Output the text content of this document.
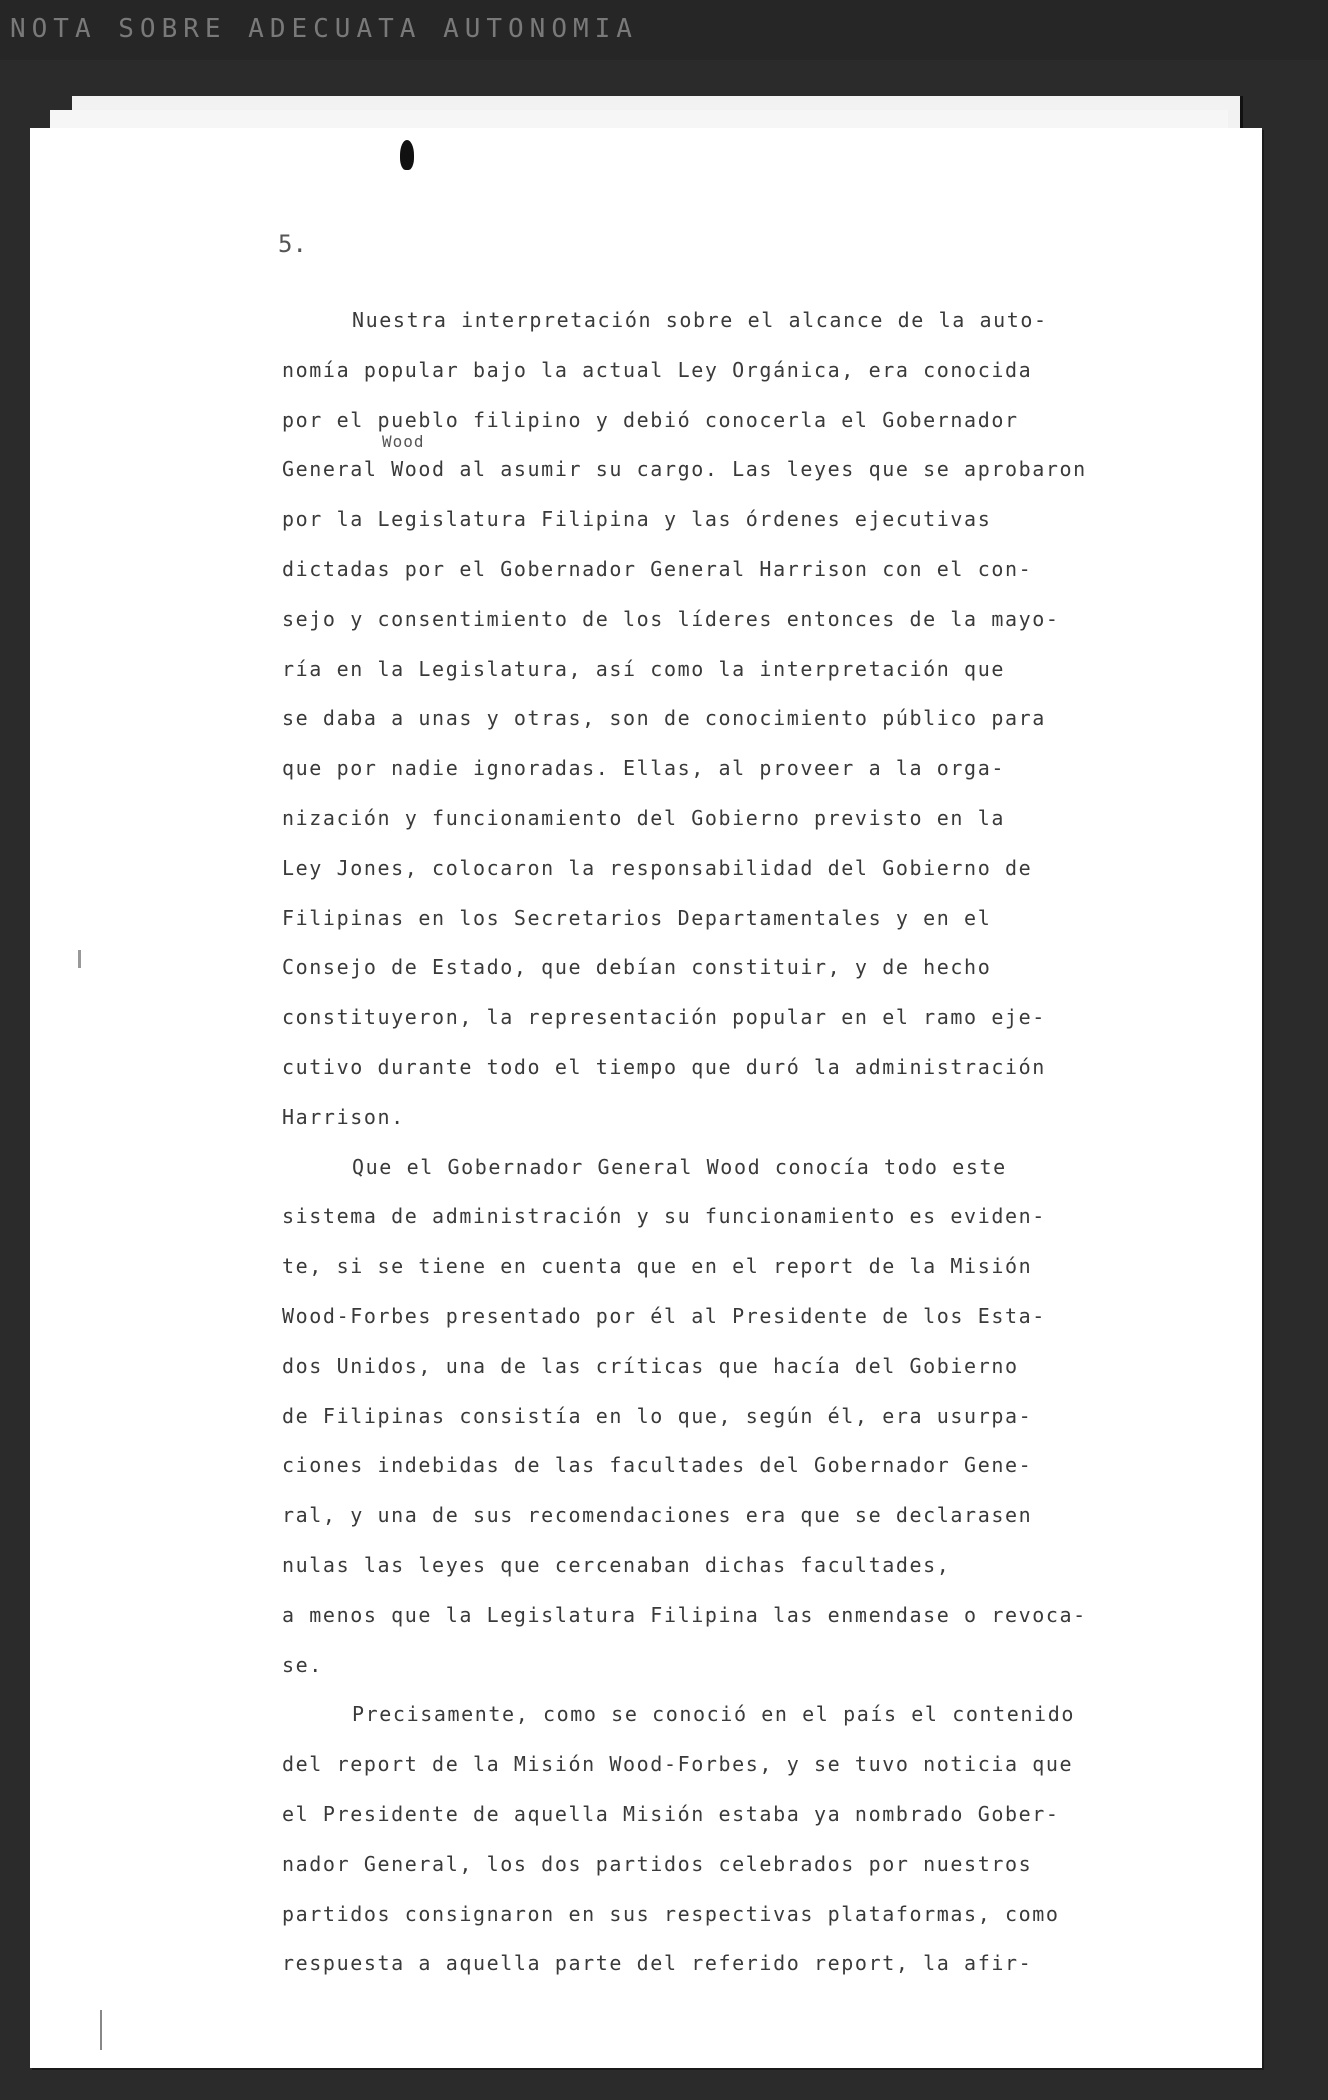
NOTA SOBRE ADECUATA AUTONOMIA
5.
Wood
Nuestra interpretación sobre el alcance de la auto-
nomía popular bajo la actual Ley Orgánica, era conocida
por el pueblo filipino y debió conocerla el Gobernador
General Wood al asumir su cargo. Las leyes que se aprobaron
por la Legislatura Filipina y las órdenes ejecutivas
dictadas por el Gobernador General Harrison con el con-
sejo y consentimiento de los líderes entonces de la mayo-
ría en la Legislatura, así como la interpretación que
se daba a unas y otras, son de conocimiento público para
que por nadie ignoradas. Ellas, al proveer a la orga-
nización y funcionamiento del Gobierno previsto en la
Ley Jones, colocaron la responsabilidad del Gobierno de
Filipinas en los Secretarios Departamentales y en el
Consejo de Estado, que debían constituir, y de hecho
constituyeron, la representación popular en el ramo eje-
cutivo durante todo el tiempo que duró la administración
Harrison.
Que el Gobernador General Wood conocía todo este
sistema de administración y su funcionamiento es eviden-
te, si se tiene en cuenta que en el report de la Misión
Wood-Forbes presentado por él al Presidente de los Esta-
dos Unidos, una de las críticas que hacía del Gobierno
de Filipinas consistía en lo que, según él, era usurpa-
ciones indebidas de las facultades del Gobernador Gene-
ral, y una de sus recomendaciones era que se declarasen
nulas las leyes que cercenaban dichas facultades,
a menos que la Legislatura Filipina las enmendase o revoca-
se.
Precisamente, como se conoció en el país el contenido
del report de la Misión Wood-Forbes, y se tuvo noticia que
el Presidente de aquella Misión estaba ya nombrado Gober-
nador General, los dos partidos celebrados por nuestros
partidos consignaron en sus respectivas plataformas, como
respuesta a aquella parte del referido report, la afir-
